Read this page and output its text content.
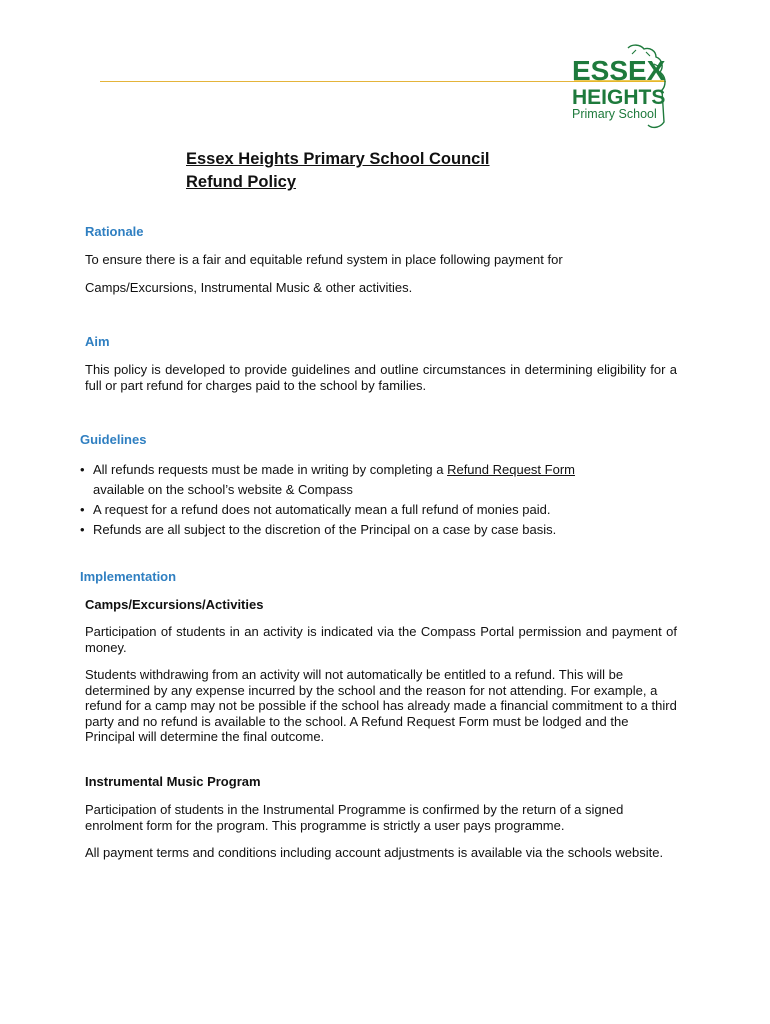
ESSEX
HEIGHTS
Primary School
Essex Heights Primary School Council
Refund Policy
Rationale
To ensure there is a fair and equitable refund system in place following payment for
Camps/Excursions, Instrumental Music & other activities.
Aim
This policy is developed to provide guidelines and outline circumstances in determining eligibility for a full or part refund for charges paid to the school by families.
Guidelines
• All refunds requests must be made in writing by completing a Refund Request Form
available on the school’s website & Compass
• A request for a refund does not automatically mean a full refund of monies paid.
• Refunds are all subject to the discretion of the Principal on a case by case basis.
Implementation
Camps/Excursions/Activities
Participation of students in an activity is indicated via the Compass Portal permission and payment of money.
Students withdrawing from an activity will not automatically be entitled to a refund. This will be determined by any expense incurred by the school and the reason for not attending. For example, a refund for a camp may not be possible if the school has already made a financial commitment to a third party and no refund is available to the school. A Refund Request Form must be lodged and the Principal will determine the final outcome.
Instrumental Music Program
Participation of students in the Instrumental Programme is confirmed by the return of a signed enrolment form for the program. This programme is strictly a user pays programme.
All payment terms and conditions including account adjustments is available via the schools website.
